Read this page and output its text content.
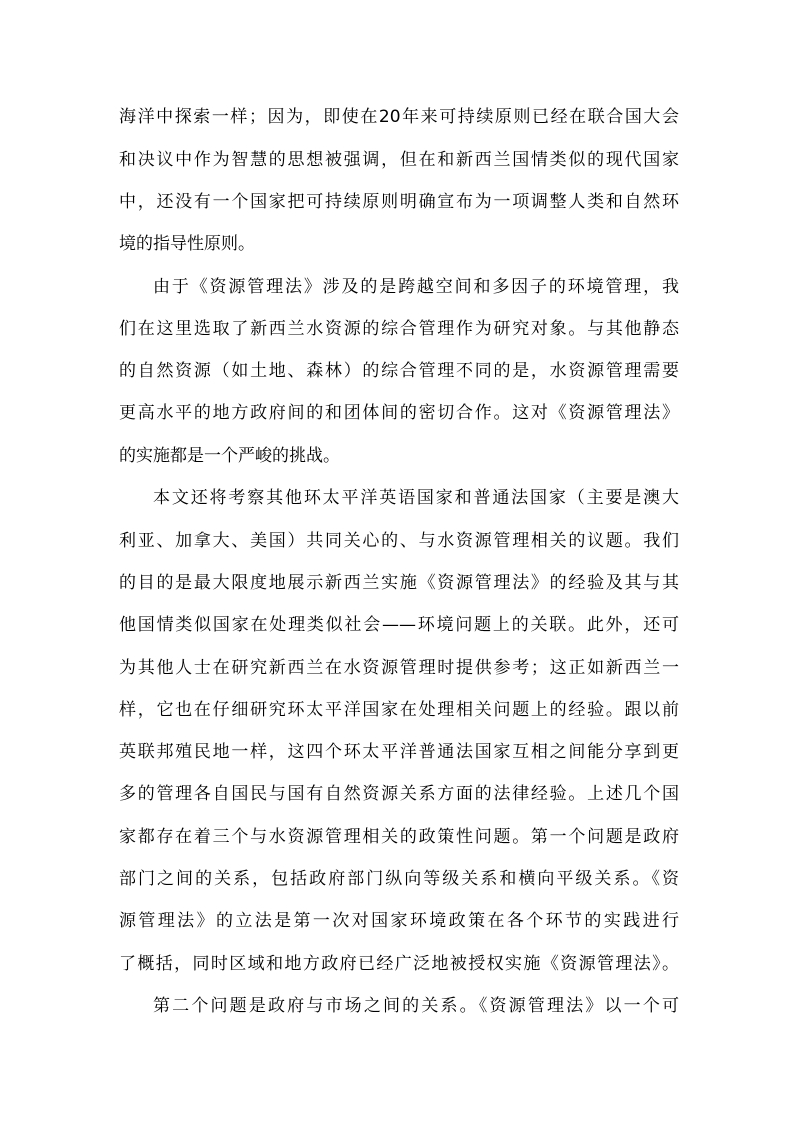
海洋中探索一样；因为，即使在20年来可持续原则已经在联合国大会
和决议中作为智慧的思想被强调，但在和新西兰国情类似的现代国家
中，还没有一个国家把可持续原则明确宣布为一项调整人类和自然环
境的指导性原则。
由于《资源管理法》涉及的是跨越空间和多因子的环境管理，我
们在这里选取了新西兰水资源的综合管理作为研究对象。与其他静态
的自然资源（如土地、森林）的综合管理不同的是，水资源管理需要
更高水平的地方政府间的和团体间的密切合作。这对《资源管理法》
的实施都是一个严峻的挑战。
本文还将考察其他环太平洋英语国家和普通法国家（主要是澳大
利亚、加拿大、美国）共同关心的、与水资源管理相关的议题。我们
的目的是最大限度地展示新西兰实施《资源管理法》的经验及其与其
他国情类似国家在处理类似社会——环境问题上的关联。此外，还可
为其他人士在研究新西兰在水资源管理时提供参考；这正如新西兰一
样，它也在仔细研究环太平洋国家在处理相关问题上的经验。跟以前
英联邦殖民地一样，这四个环太平洋普通法国家互相之间能分享到更
多的管理各自国民与国有自然资源关系方面的法律经验。上述几个国
家都存在着三个与水资源管理相关的政策性问题。第一个问题是政府
部门之间的关系，包括政府部门纵向等级关系和横向平级关系。《资
源管理法》的立法是第一次对国家环境政策在各个环节的实践进行
了概括，同时区域和地方政府已经广泛地被授权实施《资源管理法》。
第二个问题是政府与市场之间的关系。《资源管理法》以一个可
